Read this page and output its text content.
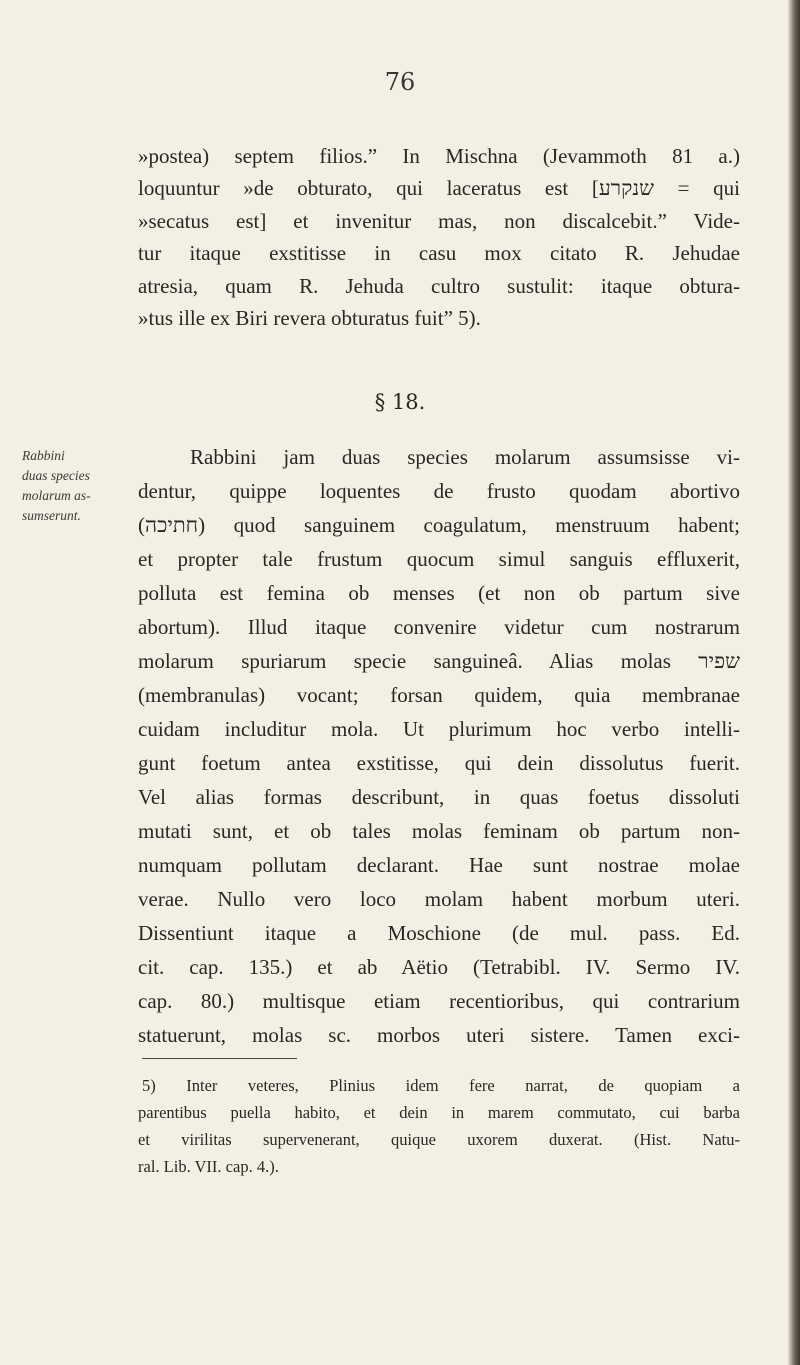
76
»postea) septem filios.” In Mischna (Jevammoth 81 a.)
loquuntur »de obturato, qui laceratus est [שנקרע = qui
»secatus est] et invenitur mas, non discalcebit.” Vide-
tur itaque exstitisse in casu mox citato R. Jehudae
atresia, quam R. Jehuda cultro sustulit: itaque obtura-
»tus ille ex Biri revera obturatus fuit” 5).
§ 18.
Rabbini
duas species
molarum as-
sumserunt.
Rabbini jam duas species molarum assumsisse vi-
dentur, quippe loquentes de frusto quodam abortivo
(חתיכה) quod sanguinem coagulatum, menstruum habent;
et propter tale frustum quocum simul sanguis effluxerit,
polluta est femina ob menses (et non ob partum sive
abortum). Illud itaque convenire videtur cum nostrarum
molarum spuriarum specie sanguineâ. Alias molas שפיר
(membranulas) vocant; forsan quidem, quia membranae
cuidam includitur mola. Ut plurimum hoc verbo intelli-
gunt foetum antea exstitisse, qui dein dissolutus fuerit.
Vel alias formas describunt, in quas foetus dissoluti
mutati sunt, et ob tales molas feminam ob partum non-
numquam pollutam declarant. Hae sunt nostrae molae
verae. Nullo vero loco molam habent morbum uteri.
Dissentiunt itaque a Moschione (de mul. pass. Ed.
cit. cap. 135.) et ab Aëtio (Tetrabibl. IV. Sermo IV.
cap. 80.) multisque etiam recentioribus, qui contrarium
statuerunt, molas sc. morbos uteri sistere. Tamen exci-
5) Inter veteres, Plinius idem fere narrat, de quopiam a
parentibus puella habito, et dein in marem commutato, cui barba
et virilitas supervenerant, quique uxorem duxerat. (Hist. Natu-
ral. Lib. VII. cap. 4.).
